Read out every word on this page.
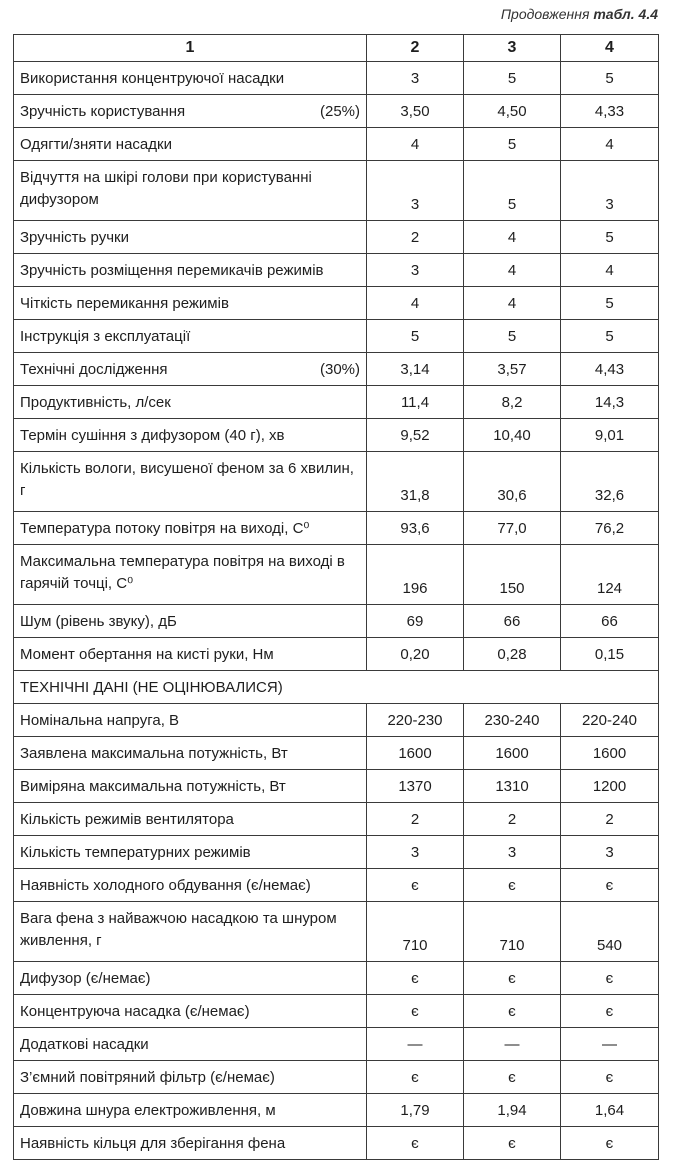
Продовження табл. 4.4
1	2	3	4
Використання концентруючої насадки	3	5	5
Зручність користування (25%)	3,50	4,50	4,33
Одягти/зняти насадки	4	5	4
Відчуття на шкірі голови при користуванні дифузором	3	5	3
Зручність ручки	2	4	5
Зручність розміщення перемикачів режимів	3	4	4
Чіткість перемикання режимів	4	4	5
Інструкція з експлуатації	5	5	5
Технічні дослідження (30%)	3,14	3,57	4,43
Продуктивність, л/сек	11,4	8,2	14,3
Термін сушіння з дифузором (40 г), хв	9,52	10,40	9,01
Кількість вологи, висушеної феном за 6 хвилин, г	31,8	30,6	32,6
Температура потоку повітря на виході, С⁰	93,6	77,0	76,2
Максимальна температура повітря на виході в гарячій точці, С⁰	196	150	124
Шум (рівень звуку), дБ	69	66	66
Момент обертання на кисті руки, Нм	0,20	0,28	0,15
ТЕХНІЧНІ ДАНІ (НЕ ОЦІНЮВАЛИСЯ)			
Номінальна напруга, В	220-230	230-240	220-240
Заявлена максимальна потужність, Вт	1600	1600	1600
Виміряна максимальна потужність, Вт	1370	1310	1200
Кількість режимів вентилятора	2	2	2
Кількість температурних режимів	3	3	3
Наявність холодного обдування (є/немає)	є	є	є
Вага фена з найважчою насадкою та шнуром живлення, г	710	710	540
Дифузор (є/немає)	є	є	є
Концентруюча насадка (є/немає)	є	є	є
Додаткові насадки	—	—	—
З’ємний повітряний фільтр (є/немає)	є	є	є
Довжина шнура електроживлення, м	1,79	1,94	1,64
Наявність кільця для зберігання фена	є	є	є
